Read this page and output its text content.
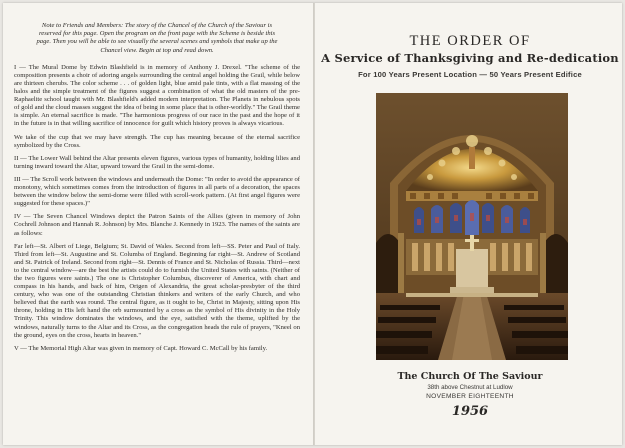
Note to Friends and Members: The story of the Chancel of the Church of the Saviour is reserved for this page. Open the program on the front page with the Scheme is beside this page. Then you will be able to see visually the several scenes and symbols that make up the Chancel view. Begin at top and read down.

I — The Mural Dome by Edwin Blashfield is in memory of Anthony J. Drexel. "The scheme of the composition presents a choir of adoring angels surrounding the central angel holding the Grail, while below are thirteen cherubs. The color scheme . . . of golden light, blue amid pale tints, with a flat massing of the halos and the simple treatment of the figures suggest a combination of what the old masters of the pre-Raphaelite school taught with Mr. Blashfield's added modern interpretation. The Planets in nebulous spots of gold and the cloud masses suggest the idea of being in some place that is other-worldly." The Grail theme is simple. An eternal sacrifice is made. "The harmonious progress of our race in the past and the hope of it in the future is in that willing sacrifice of innocence for guilt which history proves is always vicarious.

We take of the cup that we may have strength. The cup has meaning because of the eternal sacrifice symbolized by the Cross.

II — The Lower Wall behind the Altar presents eleven figures, various types of humanity, holding lilies and turning inward toward the Altar, upward toward the Grail in the semi-dome.

III — The Scroll work between the windows and underneath the Dome: "In order to avoid the appearance of monotony, which sometimes comes from the introduction of figures in all parts of a decoration, the spaces between the window below the semi-dome were filled with scroll-work pattern. (At first angel figures were suggested for these spaces.)"

IV — The Seven Chancel Windows depict the Patron Saints of the Allies (given in memory of John Cochrell Johnson and Hannah R. Johnson) by Mrs. Blanche J. Kennedy in 1923. The names of the saints are as follows:

Far left—St. Albert of Liege, Belgium; St. David of Wales. Second from left—SS. Peter and Paul of Italy. Third from left—St. Augustine and St. Columba of England. Beginning far right—St. Andrew of Scotland and St. Patrick of Ireland. Second from right—St. Dennis of France and St. Nicholas of Russia. Third—next to the central window—are the best the artists could do to furnish the United States with saints. (Neither of the two figures were saints.) The one is Christopher Columbus, discoverer of America, with chart and compass in his hands, and back of him, Origen of Alexandria, the great scholar-presbyter of the third century, who was one of the outstanding Christian thinkers and writers of the early Church, and who believed that the earth was round. The central figure, as it ought to be, Christ in Majesty, sitting upon His throne, holding in His left hand the orb surmounted by a cross as the symbol of His divinity in the Holy Trinity. This window dominates the windows, and the eye, satisfied with the theme, uplifted by the windows, naturally turns to the Altar and its Cross, as the congregation heads the rule of prayers, "Kneel on the ground, eyes on the cross, hearts in heaven."

V — The Memorial High Altar was given in memory of Capt. Howard C. McCall by his family.

THE ORDER OF
A Service of Thanksgiving and Re-dedication
For 100 Years Present Location — 50 Years Present Edifice
The Church Of The Saviour
38th above Chestnut at Ludlow
NOVEMBER EIGHTEENTH
1956
